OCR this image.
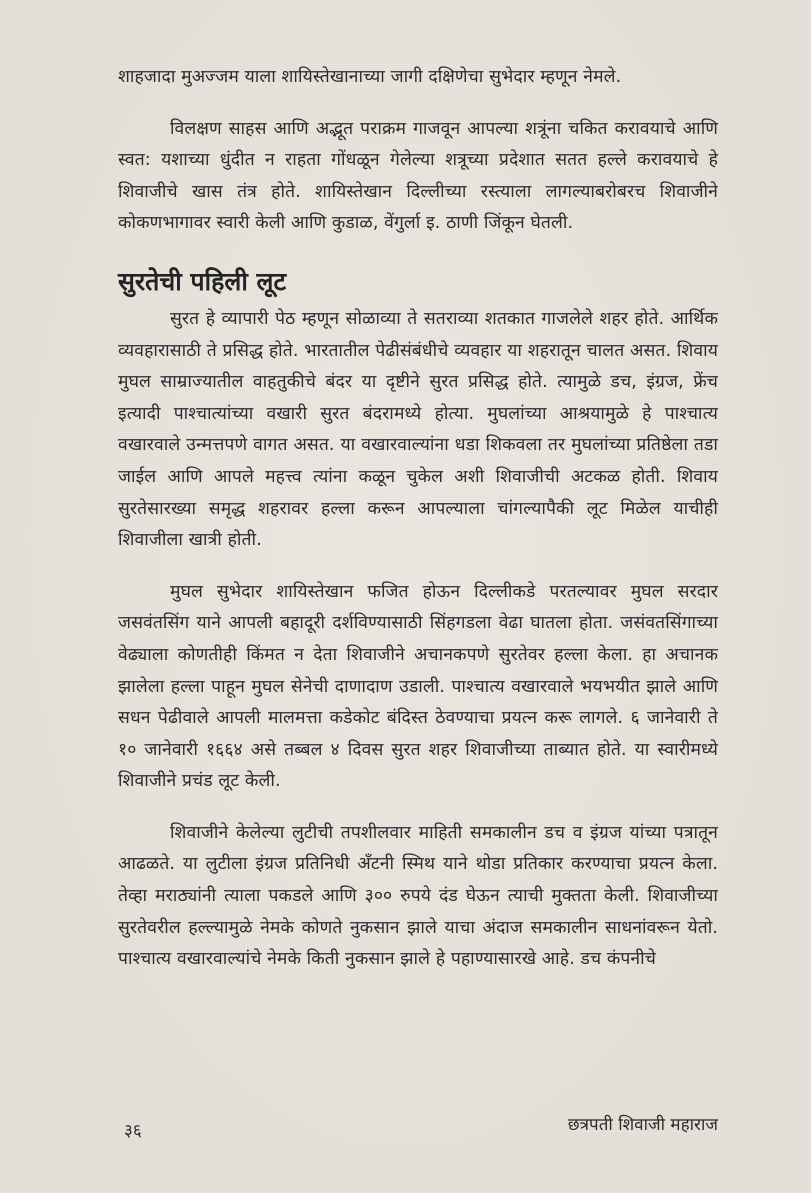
शाहजादा मुअज्जम याला शायिस्तेखानाच्या जागी दक्षिणेचा सुभेदार म्हणून नेमले.

विलक्षण साहस आणि अद्भूत पराक्रम गाजवून आपल्या शत्रूंना चकित करावयाचे आणि स्वत: यशाच्या धुंदीत न राहता गोंधळून गेलेल्या शत्रूच्या प्रदेशात सतत हल्ले करावयाचे हे शिवाजीचे खास तंत्र होते. शायिस्तेखान दिल्लीच्या रस्त्याला लागल्याबरोबरच शिवाजीने कोकणभागावर स्वारी केली आणि कुडाळ, वेंगुर्ला इ. ठाणी जिंकून घेतली.

सुरतेची पहिली लूट

सुरत हे व्यापारी पेठ म्हणून सोळाव्या ते सतराव्या शतकात गाजलेले शहर होते. आर्थिक व्यवहारासाठी ते प्रसिद्ध होते. भारतातील पेढीसंबंधीचे व्यवहार या शहरातून चालत असत. शिवाय मुघल साम्राज्यातील वाहतुकीचे बंदर या दृष्टीने सुरत प्रसिद्ध होते. त्यामुळे डच, इंग्रज, फ्रेंच इत्यादी पाश्चात्यांच्या वखारी सुरत बंदरामध्ये होत्या. मुघलांच्या आश्रयामुळे हे पाश्चात्य वखारवाले उन्मत्तपणे वागत असत. या वखारवाल्यांना धडा शिकवला तर मुघलांच्या प्रतिष्ठेला तडा जाईल आणि आपले महत्त्व त्यांना कळून चुकेल अशी शिवाजीची अटकळ होती. शिवाय सुरतेसारख्या समृद्ध शहरावर हल्ला करून आपल्याला चांगल्यापैकी लूट मिळेल याचीही शिवाजीला खात्री होती.

मुघल सुभेदार शायिस्तेखान फजित होऊन दिल्लीकडे परतल्यावर मुघल सरदार जसवंतसिंग याने आपली बहादूरी दर्शविण्यासाठी सिंहगडला वेढा घातला होता. जसंवतसिंगाच्या वेढ्याला कोणतीही किंमत न देता शिवाजीने अचानकपणे सुरतेवर हल्ला केला. हा अचानक झालेला हल्ला पाहून मुघल सेनेची दाणादाण उडाली. पाश्चात्य वखारवाले भयभयीत झाले आणि सधन पेढीवाले आपली मालमत्ता कडेकोट बंदिस्त ठेवण्याचा प्रयत्न करू लागले. ६ जानेवारी ते १० जानेवारी १६६४ असे तब्बल ४ दिवस सुरत शहर शिवाजीच्या ताब्यात होते. या स्वारीमध्ये शिवाजीने प्रचंड लूट केली.

शिवाजीने केलेल्या लुटीची तपशीलवार माहिती समकालीन डच व इंग्रज यांच्या पत्रातून आढळते. या लुटीला इंग्रज प्रतिनिधी ॲंटनी स्मिथ याने थोडा प्रतिकार करण्याचा प्रयत्न केला. तेव्हा मराठ्यांनी त्याला पकडले आणि ३०० रुपये दंड घेऊन त्याची मुक्तता केली. शिवाजीच्या सुरतेवरील हल्ल्यामुळे नेमके कोणते नुकसान झाले याचा अंदाज समकालीन साधनांवरून येतो. पाश्चात्य वखारवाल्यांचे नेमके किती नुकसान झाले हे पहाण्यासारखे आहे. डच कंपनीचे

३६	छत्रपती शिवाजी महाराज
